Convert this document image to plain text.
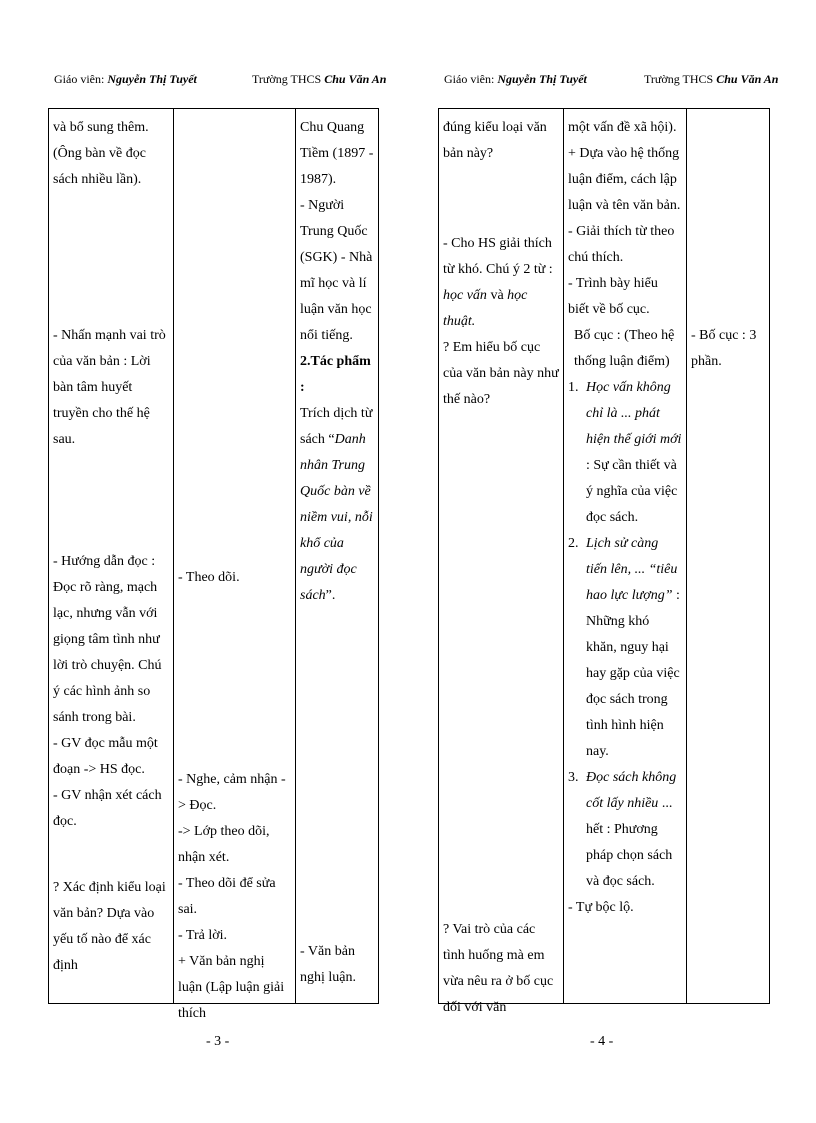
Giáo viên: Nguyễn Thị Tuyết	Trường THCS Chu Văn An

và bổ sung thêm.

(Ông bàn về đọc sách nhiều lần).

- Nhấn mạnh vai trò của văn bản : Lời bàn tâm huyết truyền cho thế hệ sau.

- Hướng dẫn đọc : Đọc rõ ràng, mạch lạc, nhưng vẫn với giọng tâm tình như lời trò chuyện. Chú ý các hình ảnh so sánh trong bài.

- GV đọc mẫu một đoạn -> HS đọc.

- GV nhận xét cách đọc.

? Xác định kiểu loại văn bản? Dựa vào yếu tố nào để xác định

- Theo dõi.

- Nghe, cảm nhận -> Đọc.

-> Lớp theo dõi, nhận xét.

- Theo dõi để sửa sai.

- Trả lời.

+ Văn bản nghị luận (Lập luận giải thích

Chu Quang Tiềm (1897 - 1987).

- Người Trung Quốc (SGK) - Nhà mĩ học và lí luận văn học nổi tiếng.

2.Tác phẩm :

Trích dịch từ sách “Danh nhân Trung Quốc bàn về niềm vui, nỗi khổ của người đọc sách”.

- Văn bản nghị luận.

- 3 -
Giáo viên: Nguyễn Thị Tuyết	Trường THCS Chu Văn An

đúng kiểu loại văn bản này?

- Cho HS giải thích từ khó. Chú ý 2 từ : học vấn và học thuật.

? Em hiểu bố cục của văn bản này như thế nào?

? Vai trò của các tình huống mà em vừa nêu ra ở bố cục đối với văn

một vấn đề xã hội).

+ Dựa vào hệ thống luận điểm, cách lập luận và tên văn bản.

- Giải thích từ theo chú thích.

- Trình bày hiểu biết về bố cục.

Bố cục : (Theo hệ thống luận điểm)

1. Học vấn không chỉ là ... phát hiện thế giới mới : Sự cần thiết và ý nghĩa của việc đọc sách.
2. Lịch sử càng tiến lên, ... “tiêu hao lực lượng” : Những khó khăn, nguy hại hay gặp của việc đọc sách trong tình hình hiện nay.
3. Đọc sách không cốt lấy nhiều ... hết : Phương pháp chọn sách và đọc sách.

- Tự bộc lộ.

- Bố cục : 3 phần.

- 4 -
